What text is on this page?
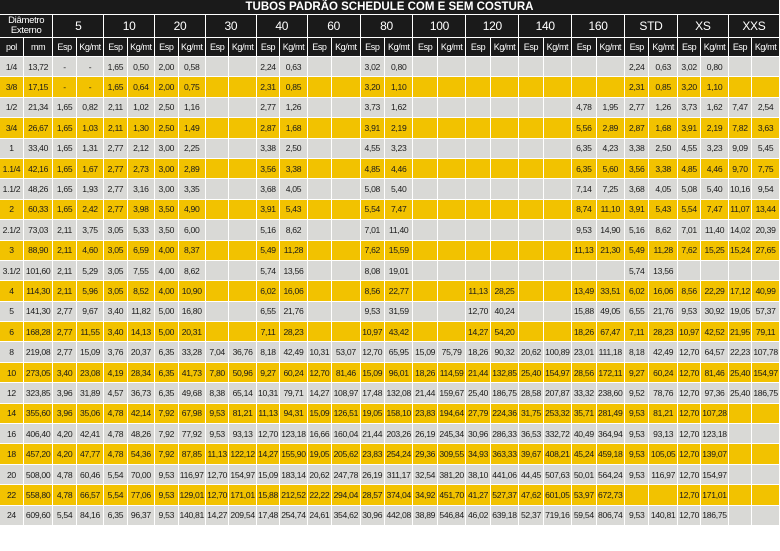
TUBOS PADRÃO SCHEDULE COM E SEM COSTURA																													
Diâmetro Externo		5		10		20		30		40		60		80		100		120		140		160		STD		XS		XXS	
pol	mm	Esp	Kg/mt	Esp	Kg/mt	Esp	Kg/mt	Esp	Kg/mt	Esp	Kg/mt	Esp	Kg/mt	Esp	Kg/mt	Esp	Kg/mt	Esp	Kg/mt	Esp	Kg/mt	Esp	Kg/mt	Esp	Kg/mt	Esp	Kg/mt	Esp	Kg/mt
1/4	13,72	-	-	1,65	0,50	2,00	0,58			2,24	0,63			3,02	0,80									2,24	0,63	3,02	0,80		
3/8	17,15	-	-	1,65	0,64	2,00	0,75			2,31	0,85			3,20	1,10									2,31	0,85	3,20	1,10		
1/2	21,34	1,65	0,82	2,11	1,02	2,50	1,16			2,77	1,26			3,73	1,62							4,78	1,95	2,77	1,26	3,73	1,62	7,47	2,54
3/4	26,67	1,65	1,03	2,11	1,30	2,50	1,49			2,87	1,68			3,91	2,19							5,56	2,89	2,87	1,68	3,91	2,19	7,82	3,63
1	33,40	1,65	1,31	2,77	2,12	3,00	2,25			3,38	2,50			4,55	3,23							6,35	4,23	3,38	2,50	4,55	3,23	9,09	5,45
1.1/4	42,16	1,65	1,67	2,77	2,73	3,00	2,89			3,56	3,38			4,85	4,46							6,35	5,60	3,56	3,38	4,85	4,46	9,70	7,75
1.1/2	48,26	1,65	1,93	2,77	3,16	3,00	3,35			3,68	4,05			5,08	5,40							7,14	7,25	3,68	4,05	5,08	5,40	10,16	9,54
2	60,33	1,65	2,42	2,77	3,98	3,50	4,90			3,91	5,43			5,54	7,47							8,74	11,10	3,91	5,43	5,54	7,47	11,07	13,44
2.1/2	73,03	2,11	3,75	3,05	5,33	3,50	6,00			5,16	8,62			7,01	11,40							9,53	14,90	5,16	8,62	7,01	11,40	14,02	20,39
3	88,90	2,11	4,60	3,05	6,59	4,00	8,37			5,49	11,28			7,62	15,59							11,13	21,30	5,49	11,28	7,62	15,25	15,24	27,65
3.1/2	101,60	2,11	5,29	3,05	7,55	4,00	8,62			5,74	13,56			8,08	19,01									5,74	13,56				
4	114,30	2,11	5,96	3,05	8,52	4,00	10,90			6,02	16,06			8,56	22,77			11,13	28,25			13,49	33,51	6,02	16,06	8,56	22,29	17,12	40,99
5	141,30	2,77	9,67	3,40	11,82	5,00	16,80			6,55	21,76			9,53	31,59			12,70	40,24			15,88	49,05	6,55	21,76	9,53	30,92	19,05	57,37
6	168,28	2,77	11,55	3,40	14,13	5,00	20,31			7,11	28,23			10,97	43,42			14,27	54,20			18,26	67,47	7,11	28,23	10,97	42,52	21,95	79,11
8	219,08	2,77	15,09	3,76	20,37	6,35	33,28	7,04	36,76	8,18	42,49	10,31	53,07	12,70	65,95	15,09	75,79	18,26	90,32	20,62	100,89	23,01	111,18	8,18	42,49	12,70	64,57	22,23	107,78
10	273,05	3,40	23,08	4,19	28,34	6,35	41,73	7,80	50,96	9,27	60,24	12,70	81,46	15,09	96,01	18,26	114,59	21,44	132,85	25,40	154,97	28,56	172,11	9,27	60,24	12,70	81,46	25,40	154,97
12	323,85	3,96	31,89	4,57	36,73	6,35	49,68	8,38	65,14	10,31	79,71	14,27	108,97	17,48	132,08	21,44	159,67	25,40	186,75	28,58	207,87	33,32	238,60	9,52	78,76	12,70	97,36	25,40	186,75
14	355,60	3,96	35,06	4,78	42,14	7,92	67,98	9,53	81,21	11,13	94,31	15,09	126,51	19,05	158,10	23,83	194,64	27,79	224,36	31,75	253,32	35,71	281,49	9,53	81,21	12,70	107,28		
16	406,40	4,20	42,41	4,78	48,26	7,92	77,92	9,53	93,13	12,70	123,18	16,66	160,04	21,44	203,26	26,19	245,34	30,96	286,33	36,53	332,72	40,49	364,94	9,53	93,13	12,70	123,18		
18	457,20	4,20	47,77	4,78	54,36	7,92	87,85	11,13	122,12	14,27	155,90	19,05	205,62	23,83	254,24	29,36	309,55	34,93	363,33	39,67	408,21	45,24	459,18	9,53	105,05	12,70	139,07		
20	508,00	4,78	60,46	5,54	70,00	9,53	116,97	12,70	154,97	15,09	183,14	20,62	247,78	26,19	311,17	32,54	381,20	38,10	441,06	44,45	507,63	50,01	564,24	9,53	116,97	12,70	154,97		
22	558,80	4,78	66,57	5,54	77,06	9,53	129,01	12,70	171,01	15,88	212,52	22,22	294,04	28,57	374,04	34,92	451,70	41,27	527,37	47,62	601,05	53,97	672,73			12,70	171,01		
24	609,60	5,54	84,16	6,35	96,37	9,53	140,81	14,27	209,54	17,48	254,74	24,61	354,62	30,96	442,08	38,89	546,84	46,02	639,18	52,37	719,16	59,54	806,74	9,53	140,81	12,70	186,75		
